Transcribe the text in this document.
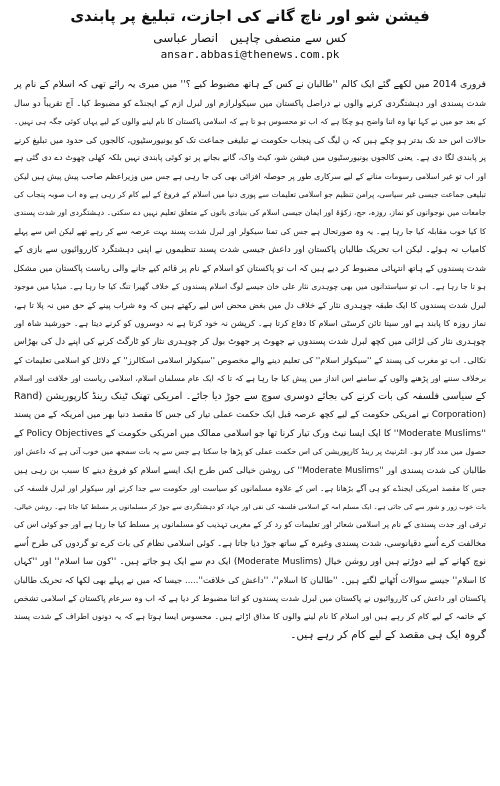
فیشن شو اور ناچ گانے کی اجازت، تبلیغ پر پابندی
کس سے منصفی چاہیں انصار عباسی
ansar.abbasi@thenews.com.pk
فروری 2014 میں لکھے گئے ایک کالم ''طالبان نے کس کے ہاتھ مضبوط کیے ؟'' میں میری یہ رائے تھی کہ اسلام کے نام پر
شدت پسندی اور دہشتگردی کرنے والوں نے دراصل پاکستان میں سیکولرازم اور لبرل ازم کے ایجنڈے کو مضبوط کیا۔ آج تقریباً دو سال
کے بعد جو میں نے کہا تھا وہ اتنا واضح ہو چکا ہے کہ اب تو محسوس ہو تا ہے کہ اسلامی پاکستان کا نام لینے والوں کے لیے یہاں کوئی جگہ ہی نہیں۔
حالات اس حد تک بدتر ہو چکے ہیں کہ ن لیگ کی پنجاب حکومت نے تبلیغی جماعت تک کو یونیورسٹیوں، کالجوں کی حدود میں تبلیغ کرنے
پر پابندی لگا دی ہے۔ یعنی کالجوں یونیورسٹیوں میں فیشن شو، کیٹ واک، گانے بجانے پر تو کوئی پابندی نہیں بلکہ کھلی چھوٹ دے دی گئی ہے
اور اب تو غیر اسلامی رسومات منانے کے لیے سرکاری طور پر حوصلہ افزائی بھی کی جا رہی ہے جس میں وزیراعظم صاحب پیش پیش ہیں لیکن
تبلیغی جماعت جیسی غیر سیاسی، پرامن تنظیم جو اسلامی تعلیمات سے پوری دنیا میں اسلام کے فروغ کے لیے کام کر رہی ہے وہ اب صوبہ پنجاب کی
جامعات میں نوجوانوں کو نماز، روزہ، حج، زکوٰۃ اور ایمان جیسی اسلام کی بنیادی باتوں کے متعلق تعلیم نہیں دے سکتی۔ دہشتگردی اور شدت پسندی
کا کیا خوب مقابلہ کیا جا رہا ہے۔ یہ وہ صورتحال ہے جس کی تمنا سیکولر اور لبرل شدت پسند بہت عرصہ سے کر رہے تھے لیکن اس سے پہلے
کامیاب نہ ہوئے۔ لیکن اب تحریک طالبان پاکستان اور داعش جیسی شدت پسند تنظیموں نے اپنی دہشتگرد کارروائیوں سے بازی کے
شدت پسندوں کے ہاتھ انتہائی مضبوط کر دیے ہیں کہ اب تو پاکستان کو اسلام کے نام پر قائم کیے جانے والی ریاست پاکستان میں مشکل
ہو تا جا رہا ہے۔ اب تو سیاستدانوں میں بھی چوہدری نثار علی خان جیسے لوگ اسلام پسندوں کے خلاف گھیرا تنگ کیا جا رہا ہے۔ میڈیا میں موجود
لبرل شدت پسندوں کا ایک طبقہ چوہدری نثار کے خلاف دل میں بغض محض اس لیے رکھتے ہیں کہ وہ شراب پینے کے حق میں نہ پلا تا ہے،
نماز روزہ کا پابند ہے اور سیتا تائن کرسٹی اسلام کا دفاع کرتا ہے۔ کرپشن نہ خود کرتا ہے نہ دوسروں کو کرنے دیتا ہے۔ حورشید شاہ اور
چوہدری نثار کی لڑائی میں کچھ لبرل شدت پسندوں نے جھوٹ پر جھوٹ بول کر چوہدری نثار کو ٹارگٹ کرنے کی اپنے دل کی بھڑاس
نکالی۔ اب تو مغرب کی پسند کے ''سیکولر اسلام'' کی تعلیم دینے والے مخصوص ''سیکولر اسلامی اسکالرز'' کے دلائل کو اسلامی تعلیمات کے
برخلاف سننے اور پڑھنے والوں کے سامنے اس انداز میں پیش کیا جا رہا ہے کہ تا کہ ایک عام مسلمان اسلام، اسلامی ریاست اور خلافت اور اسلام
کے سیاسی فلسفہ کی بات کرنے کی بجائے دوسری سوچ سے جوڑ دیا جائے۔ امریکی تھنک ٹینک رینڈ کارپوریشن (Rand
(Corporation نے امریکی حکومت کے لیے کچھ عرصہ قبل ایک حکمت عملی تیار کی جس کا مقصد دنیا بھر میں امریکہ کے من پسند
''Moderate Muslims'' کا ایک ایسا نیٹ ورک تیار کرنا تھا جو اسلامی ممالک میں امریکی حکومت کے Policy Objectives کے
حصول میں مدد گار ہو۔ انٹرنیٹ پر رینڈ کارپوریشن کی اس حکمت عملی کو پڑھا جا سکتا ہے جس سے یہ بات سمجھ میں خوب آتی ہے کہ داعش اور
طالبان کی شدت پسندی اور ''Moderate Muslims'' کی روشن خیالی کس طرح ایک ایسے اسلام کو فروغ دینے کا سبب بن رہی ہیں
جس کا مقصد امریکی ایجنڈے کو ہی آگے بڑھانا ہے۔ اس کے علاوہ مسلمانوں کو سیاست اور حکومت سے جدا کرنے اور سیکولر اور لبرل فلسفہ کی
بات خوب زور و شور سے کی جاتی ہے۔ ایک مسلم امہ کے اسلامی فلسفہ کی نفی اور جہاد کو دہشتگردی سے جوڑ کر مسلمانوں پر مسلط کیا جاتا ہے۔ روشن خیالی،
ترقی اور جدت پسندی کے نام پر اسلامی شعائر اور تعلیمات کو رد کر کے مغربی تہذیب کو مسلمانوں پر مسلط کیا جا رہا ہے اور جو کوئی اس کی
مخالفت کرے اُسے دقیانوسی، شدت پسندی وغیرہ کے ساتھ جوڑ دیا جاتا ہے۔ کوئی اسلامی نظام کی بات کرے تو گردوں کی طرح اُسے
نوچ کھانے کے لیے دوڑتے ہیں اور روشن خیال (Moderate Muslims) ایک دم سے ایک ہو جاتے ہیں۔ ''کون سا اسلام'' اور ''کہاں
کا اسلام'' جیسے سوالات اُٹھانے لگتے ہیں۔ ''طالبان کا اسلام''، ''داعش کی خلافت''..... جیسا کہ میں نے پہلے بھی لکھا کہ تحریک طالبان
پاکستان اور داعش کی کارروائیوں نے پاکستان میں لبرل شدت پسندوں کو اتنا مضبوط کر دیا ہے کہ اب وہ سرعام پاکستان کے اسلامی تشخص
کے خاتمہ کے لیے کام کر رہے ہیں اور اسلام کا نام لینے والوں کا مذاق اڑاتے ہیں۔ محسوس ایسا ہوتا ہے کہ یہ دونوں اطراف کے شدت پسند
گروہ ایک ہی مقصد کے لیے کام کر رہے ہیں۔
